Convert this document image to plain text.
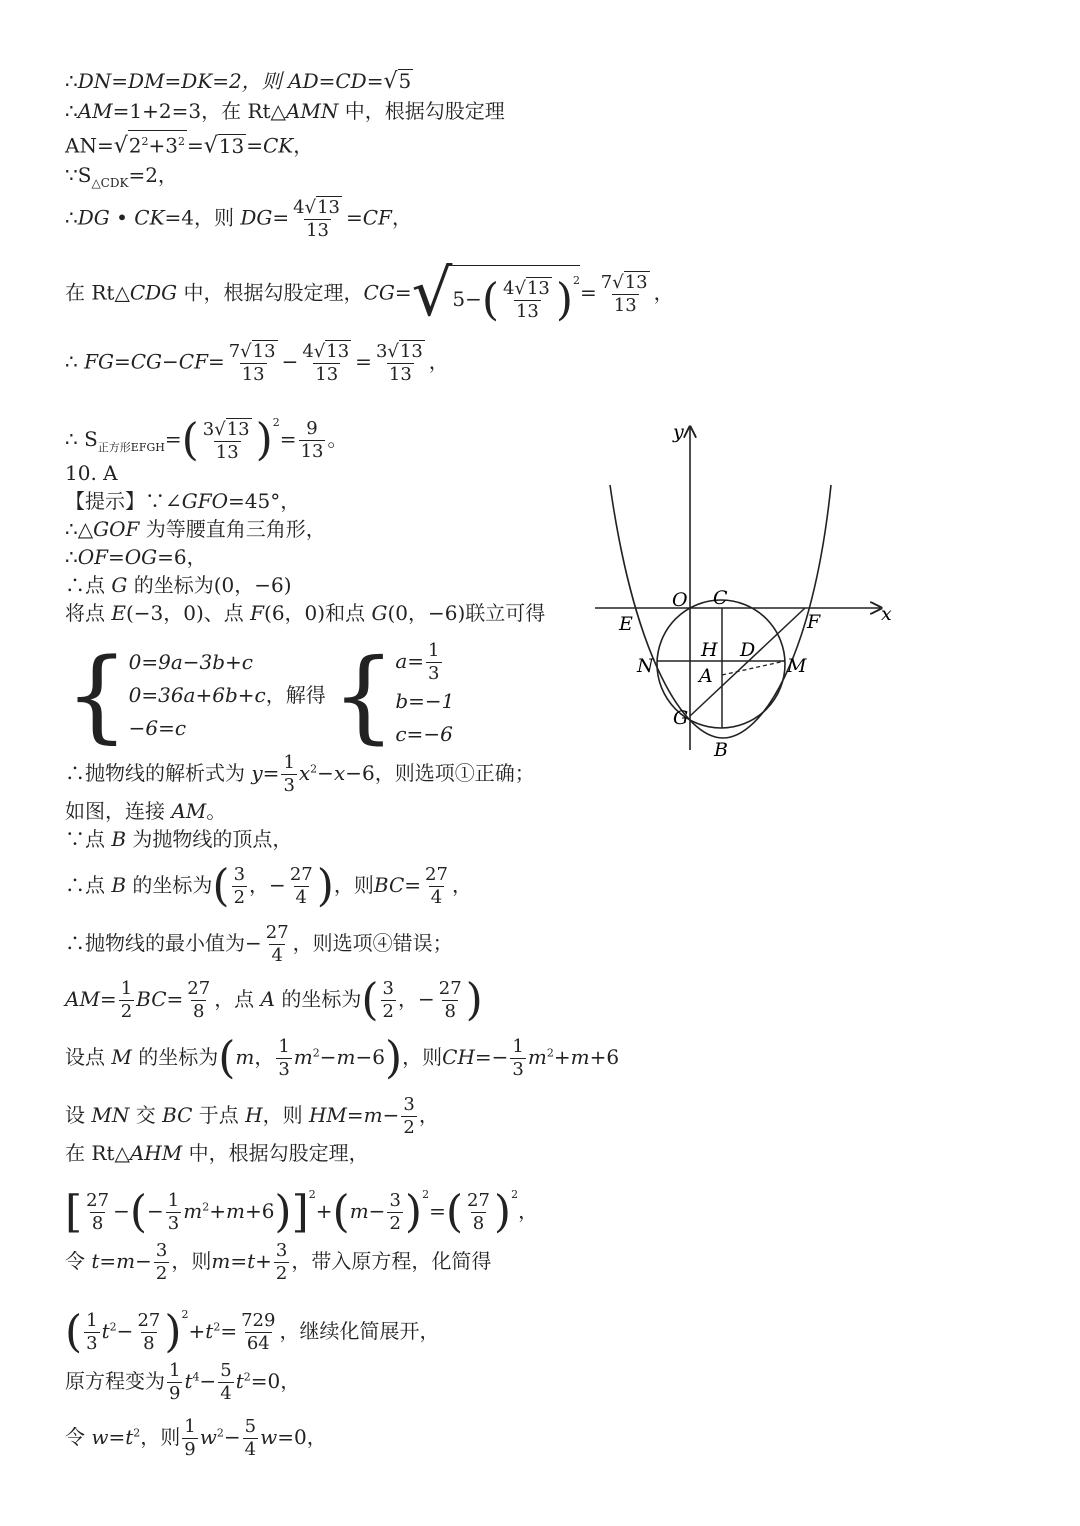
∴DN=DM=DK=2，则 AD=CD=√5
∴AM=1+2=3，在 Rt△AMN 中，根据勾股定理
$AN=√2^2+3^2 =√13 =CK$，
$\because S_{\triangle CDK}=2$，
∴DG • CK=4，则 $DG= \frac{4√13}{13} =CF$，
在 Rt△CDG 中，根据勾股定理，$CG=√5-( \frac{4√13}{13} )^2= \frac{7√13}{13}$ ，
∴ $FG=CG-CF= \frac{7√13}{13} - \frac{4√13}{13} = \frac{3√13}{13}$ ，
∴ $S_{正方形EFGH}=( \frac{3√13}{13} )^2= \frac{9}{13}$ 。
10. A
【提示】∵∠GFO=45°，
∴△GOF 为等腰直角三角形，
∴OF=OG=6，
∴点 G 的坐标为(0，−6)
将点 E(−3，0)、点 F(6，0)和点 G(0，−6)联立可得
{ 0=9a−3b+c
0=36a+6b+c，解得
−6=c	{ $a= \frac{1}{3}$
b=−1
c=−6
∴抛物线的解析式为 $y= \frac{1}{3} x^2-x-6$，则选项①正确；
如图，连接 AM。
∵点 B 为抛物线的顶点，
∴点 B 的坐标为( $\frac{3}{2}$ ，− $\frac{27}{4}$ )，则$BC= \frac{27}{4}$ ，
∴抛物线的最小值为− $\frac{27}{4}$ ，则选项④错误；
$AM= \frac{1}{2} BC= \frac{27}{8}$ ，点 A 的坐标为( $\frac{3}{2}$ ，− $\frac{27}{8}$ )
设点 M 的坐标为(m， $\frac{1}{3} m^2-m-6$)，则$CH=- \frac{1}{3} m^2+m+6$
设 MN 交 BC 于点 H，则 $HM=m- \frac{3}{2}$ ，
在 Rt△AHM 中，根据勾股定理，
[ $\frac{27}{8}$ −(− $\frac{1}{3} m^2+m+6)]^2+(m- \frac{3}{2} )^2=( \frac{27}{8} )^2$，
令 $t=m- \frac{3}{2}$ ，则$m=t+ \frac{3}{2}$ ，带入原方程，化简得
( $\frac{1}{3} t^2- \frac{27}{8} )^2+t^2= \frac{729}{64}$ ，继续化简展开，
原方程变为 $\frac{1}{9} t^4- \frac{5}{4} t^2=0$，
令 $w=t^2$，则 $\frac{1}{9} w^2- \frac{5}{4} w=0$，
y
x
O C
E	F
H D
N A	M
G
B
